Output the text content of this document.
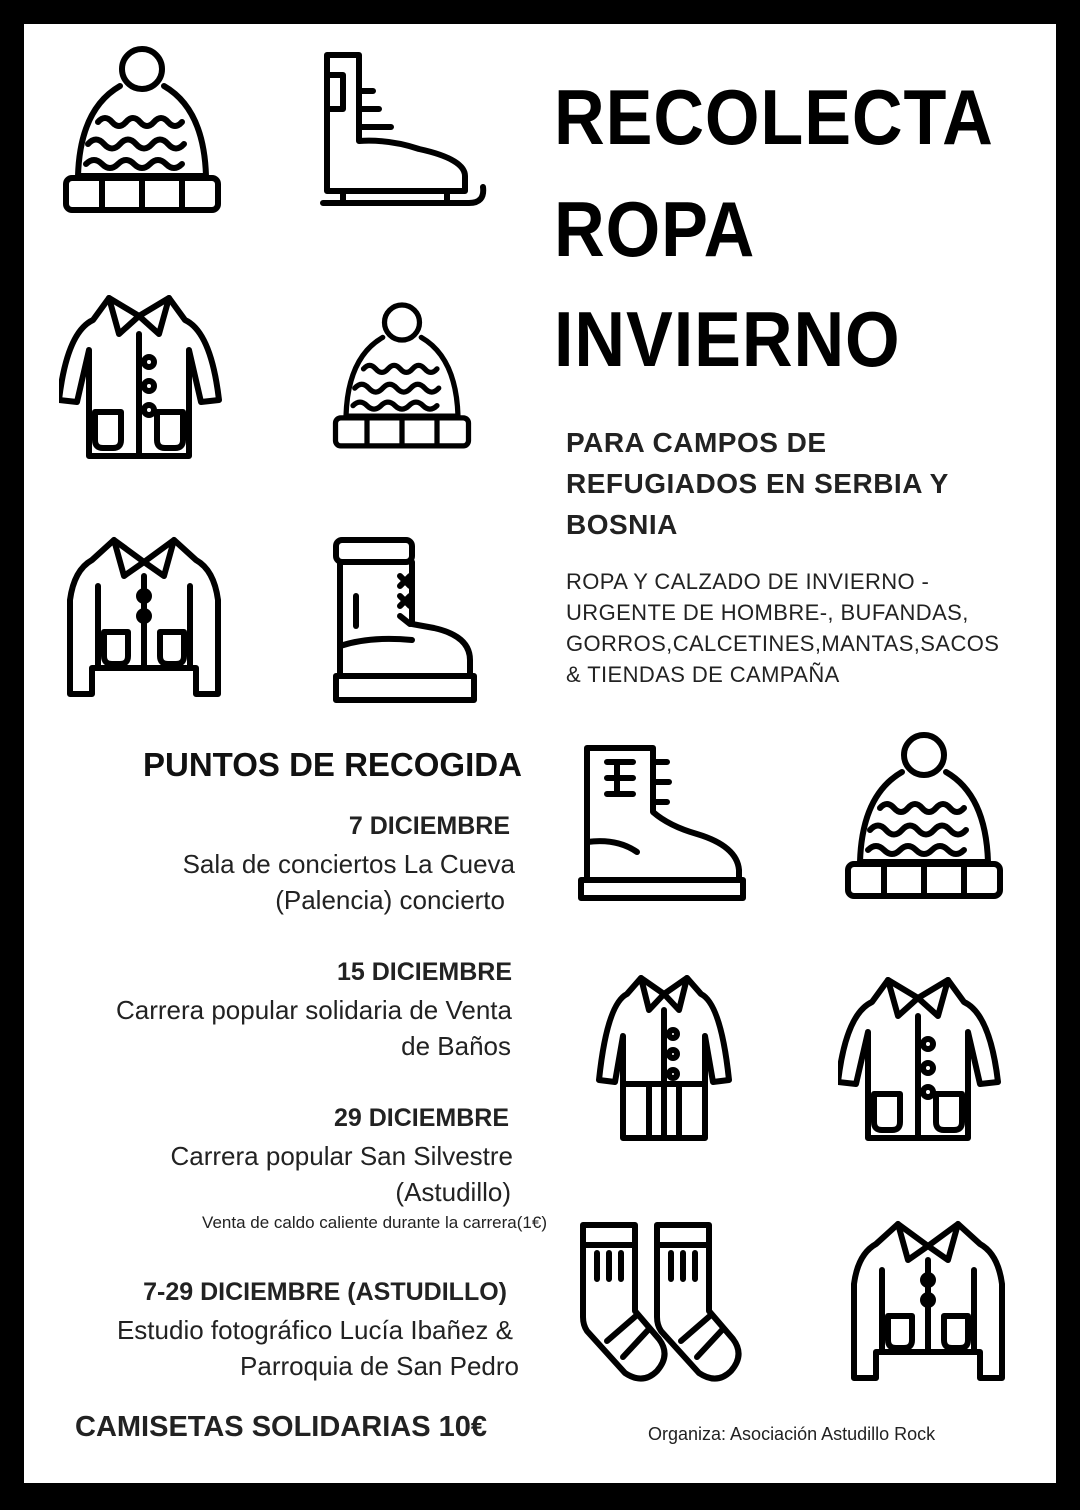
RECOLECTA
ROPA
INVIERNO
PARA CAMPOS DE REFUGIADOS EN SERBIA Y BOSNIA
ROPA Y CALZADO DE INVIERNO -
URGENTE DE HOMBRE-, BUFANDAS,
GORROS,CALCETINES,MANTAS,SACOS
& TIENDAS DE CAMPAÑA
PUNTOS DE RECOGIDA
7 DICIEMBRE
Sala de conciertos La Cueva
(Palencia) concierto
15 DICIEMBRE
Carrera popular solidaria de Venta
de Baños
29 DICIEMBRE
Carrera popular San Silvestre
(Astudillo)
Venta de caldo caliente durante la carrera(1€)
7-29 DICIEMBRE (ASTUDILLO)
Estudio fotográfico Lucía Ibañez &
Parroquia de San Pedro
CAMISETAS SOLIDARIAS 10€	Organiza: Asociación Astudillo Rock
